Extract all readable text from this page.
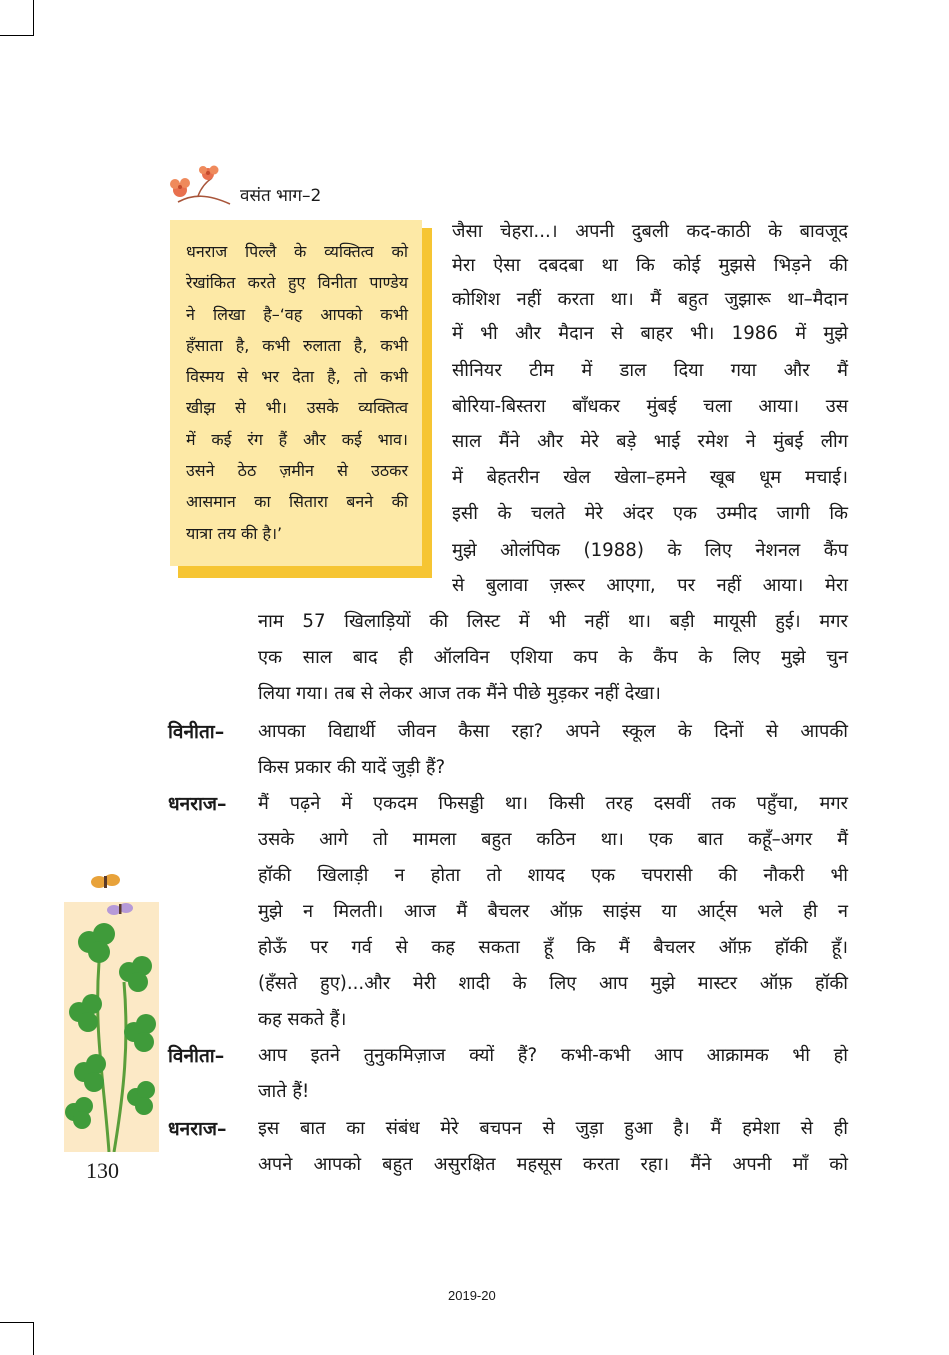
वसंत भाग–2
धनराज पिल्लै के व्यक्तित्व को
रेखांकित करते हुए विनीता पाण्डेय
ने लिखा है–‘वह आपको कभी
हँसाता है, कभी रुलाता है, कभी
विस्मय से भर देता है, तो कभी
खीझ से भी। उसके व्यक्तित्व
में कई रंग हैं और कई भाव।
उसने ठेठ ज़मीन से उठकर
आसमान का सितारा बनने की
यात्रा तय की है।’
जैसा चेहरा...। अपनी दुबली कद-काठी के बावजूद
मेरा ऐसा दबदबा था कि कोई मुझसे भिड़ने की
कोशिश नहीं करता था। मैं बहुत जुझारू था–मैदान
में भी और मैदान से बाहर भी। 1986 में मुझे
सीनियर टीम में डाल दिया गया और मैं
बोरिया-बिस्तरा बाँधकर मुंबई चला आया। उस
साल मैंने और मेरे बड़े भाई रमेश ने मुंबई लीग
में बेहतरीन खेल खेला–हमने खूब धूम मचाई।
इसी के चलते मेरे अंदर एक उम्मीद जागी कि
मुझे ओलंपिक (1988) के लिए नेशनल कैंप
से बुलावा ज़रूर आएगा, पर नहीं आया। मेरा
नाम 57 खिलाड़ियों की लिस्ट में भी नहीं था। बड़ी मायूसी हुई। मगर
एक साल बाद ही ऑलविन एशिया कप के कैंप के लिए मुझे चुन
लिया गया। तब से लेकर आज तक मैंने पीछे मुड़कर नहीं देखा।
विनीता– आपका विद्यार्थी जीवन कैसा रहा? अपने स्कूल के दिनों से आपकी
किस प्रकार की यादें जुड़ी हैं?
धनराज– मैं पढ़ने में एकदम फिसड्डी था। किसी तरह दसवीं तक पहुँचा, मगर
उसके आगे तो मामला बहुत कठिन था। एक बात कहूँ–अगर मैं
हॉकी खिलाड़ी न होता तो शायद एक चपरासी की नौकरी भी
मुझे न मिलती। आज मैं बैचलर ऑफ़ साइंस या आर्ट्स भले ही न
होऊँ पर गर्व से कह सकता हूँ कि मैं बैचलर ऑफ़ हॉकी हूँ।
(हँसते हुए)...और मेरी शादी के लिए आप मुझे मास्टर ऑफ़ हॉकी
कह सकते हैं।
विनीता– आप इतने तुनुकमिज़ाज क्यों हैं? कभी-कभी आप आक्रामक भी हो
जाते हैं!
धनराज– इस बात का संबंध मेरे बचपन से जुड़ा हुआ है। मैं हमेशा से ही
अपने आपको बहुत असुरक्षित महसूस करता रहा। मैंने अपनी माँ को
130
2019-20
